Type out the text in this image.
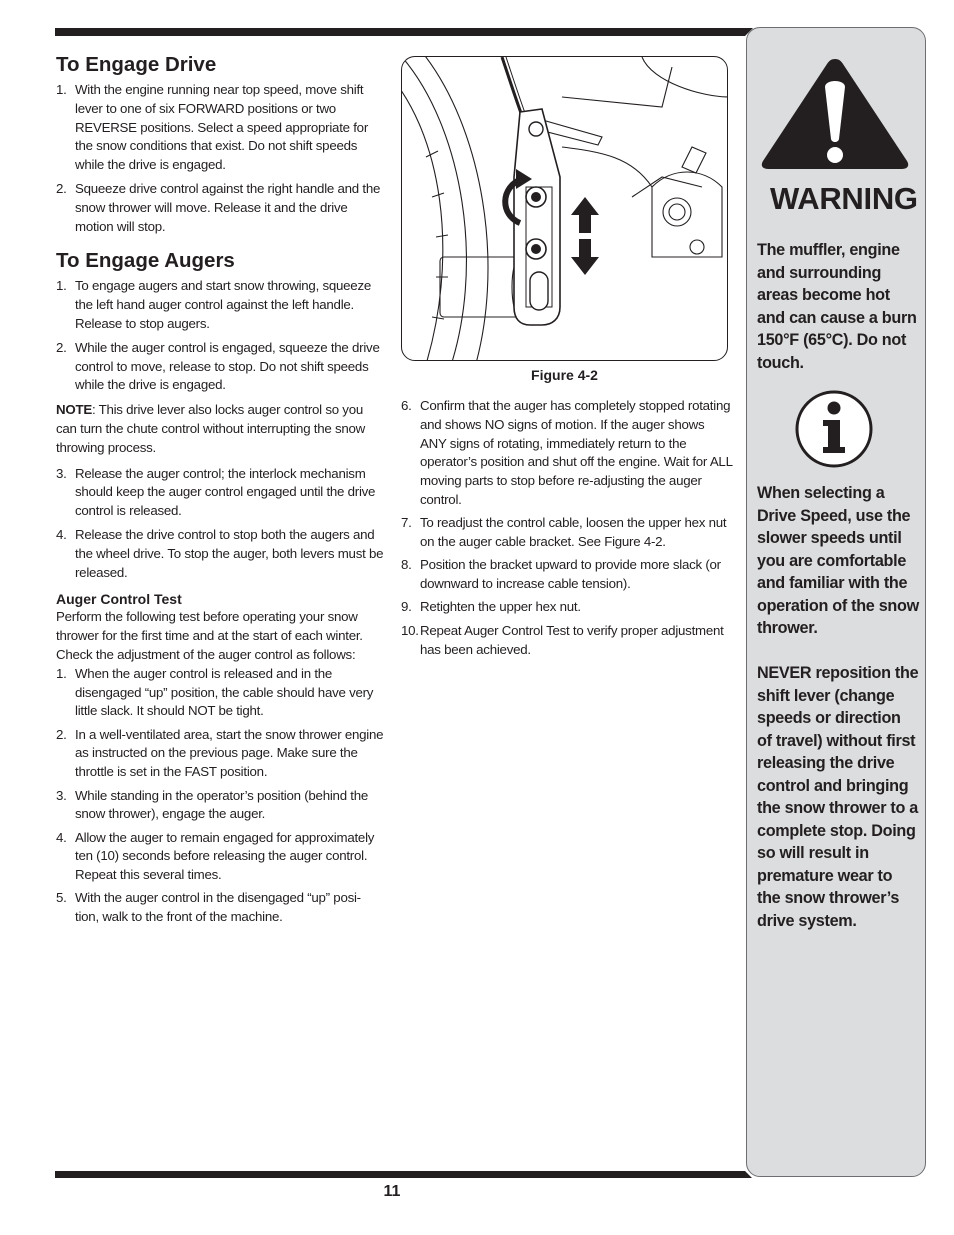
To Engage Drive
1. With the engine running near top speed, move shift lever to one of six FORWARD positions or two REVERSE positions. Select a speed appropriate for the snow conditions that exist. Do not shift speeds while the drive is engaged.
2. Squeeze drive control against the right handle and the snow thrower will move. Release it and the drive motion will stop.
To Engage Augers
1. To engage augers and start snow throwing, squeeze the left hand auger control against the left handle. Release to stop augers.
2. While the auger control is engaged, squeeze the drive control to move, release to stop. Do not shift speeds while the drive is engaged.

NOTE: This drive lever also locks auger control so you can turn the chute control without interrupting the snow throwing process.

3. Release the auger control; the interlock mechanism should keep the auger control engaged until the drive control is released.
4. Release the drive control to stop both the augers and the wheel drive. To stop the auger, both levers must be released.
Auger Control Test

Perform the following test before operating your snow thrower for the first time and at the start of each winter. Check the adjustment of the auger control as follows:

1. When the auger control is released and in the disengaged “up” position, the cable should have very little slack. It should NOT be tight.
2. In a well-ventilated area, start the snow thrower engine as instructed on the previous page. Make sure the throttle is set in the FAST position.
3. While standing in the operator’s position (behind the snow thrower), engage the auger.
4. Allow the auger to remain engaged for approximately ten (10) seconds before releasing the auger control. Repeat this several times.
5. With the auger control in the disengaged “up” posi- tion, walk to the front of the machine.
Figure 4-2
6. Confirm that the auger has completely stopped rotating and shows NO signs of motion. If the auger shows ANY signs of rotating, immediately return to the operator’s position and shut off the engine. Wait for ALL moving parts to stop before re-adjusting the auger control.
7. To readjust the control cable, loosen the upper hex nut on the auger cable bracket. See Figure 4-2.
8. Position the bracket upward to provide more slack (or downward to increase cable tension).
9. Retighten the upper hex nut.
10. Repeat Auger Control Test to verify proper adjustment has been achieved.
WARNING
The muffler, engine and surrounding areas become hot and can cause a burn 150°F (65°C). Do not touch.
When selecting a Drive Speed, use the slower speeds until you are comfortable and familiar with the operation of the snow thrower.
NEVER reposition the shift lever (change speeds or direction of travel) without first releasing the drive control and bringing the snow thrower to a complete stop. Doing so will result in premature wear to the snow thrower’s drive system.
11
